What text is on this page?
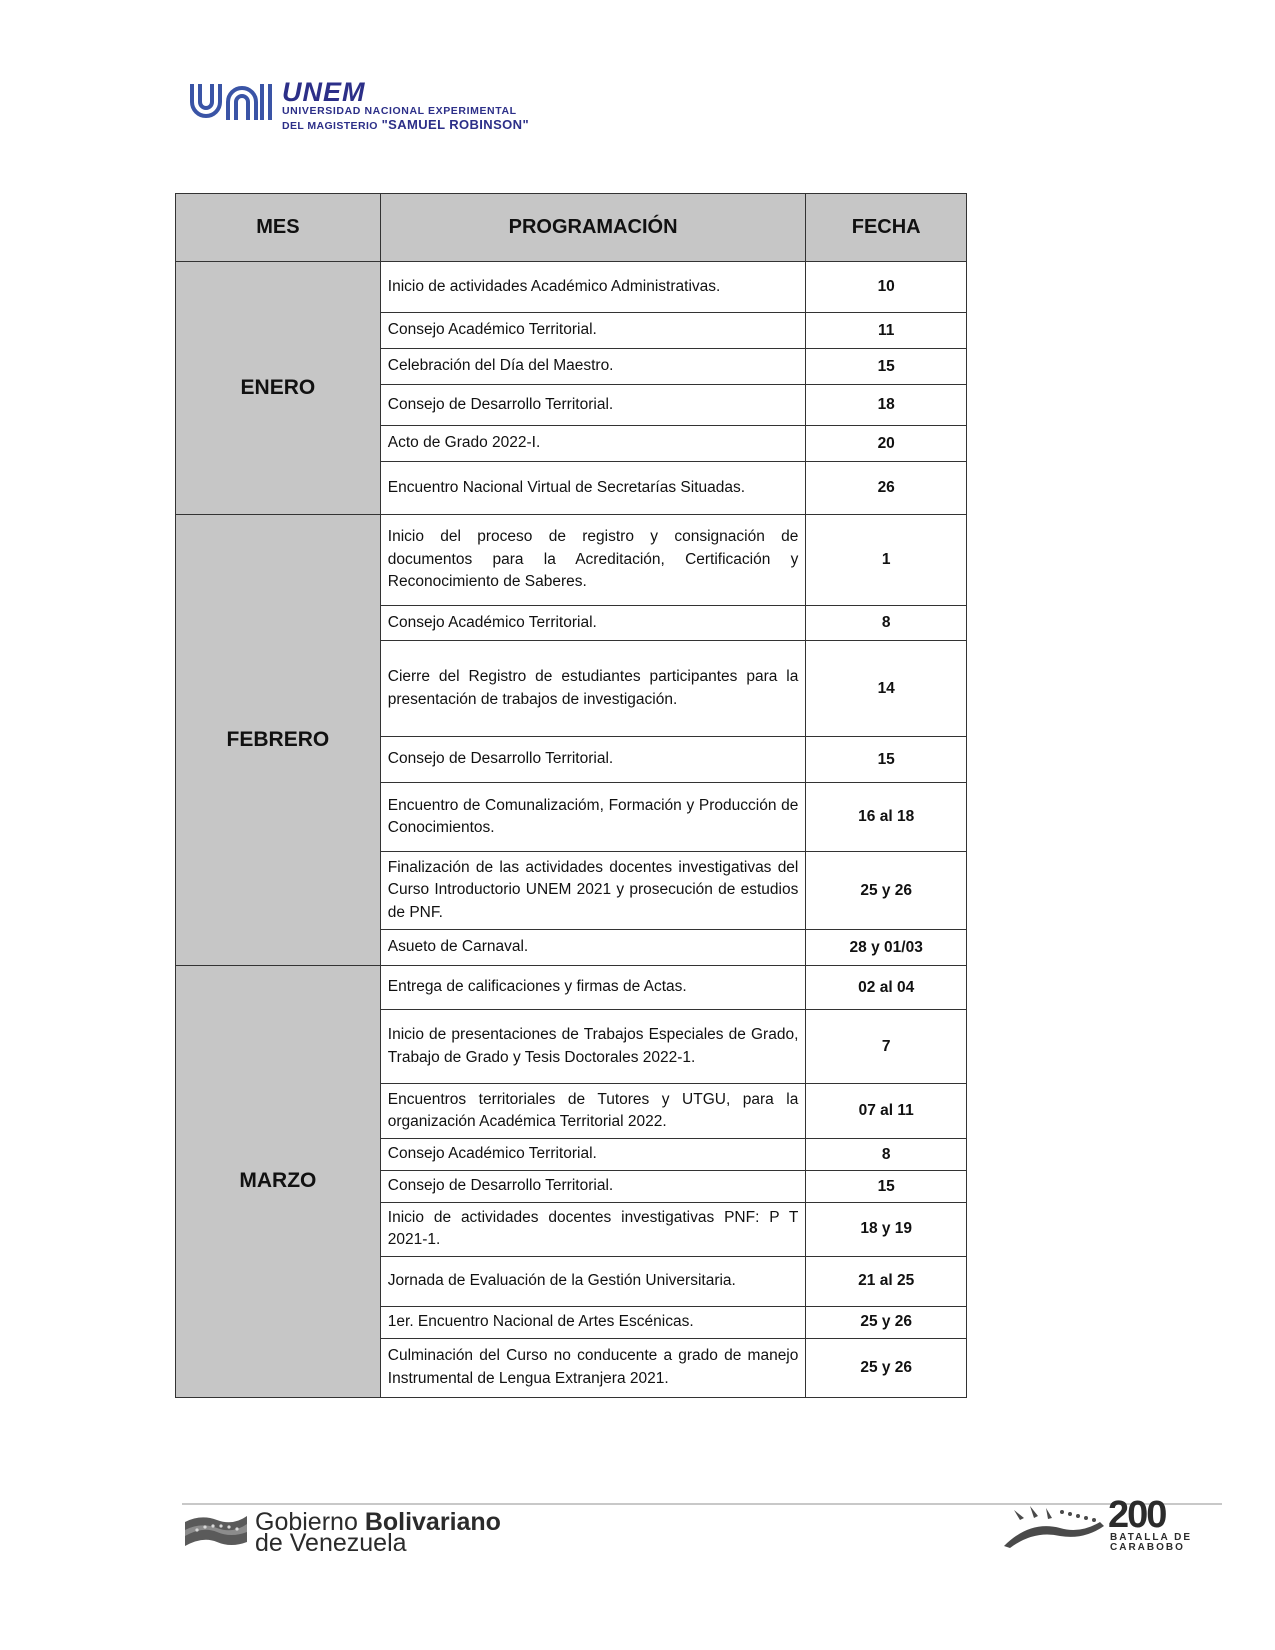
UNEM
UNIVERSIDAD NACIONAL EXPERIMENTAL
DEL MAGISTERIO "SAMUEL ROBINSON"
MES	PROGRAMACIÓN	FECHA
ENERO	Inicio de actividades Académico Administrativas.	10
	Consejo Académico Territorial.	11
	Celebración del Día del Maestro.	15
	Consejo de Desarrollo Territorial.	18
	Acto de Grado 2022-I.	20
	Encuentro Nacional Virtual de Secretarías Situadas.	26
FEBRERO	Inicio del proceso de registro y consignación de documentos para la Acreditación, Certificación y Reconocimiento de Saberes.	1
	Consejo Académico Territorial.	8
	Cierre del Registro de estudiantes participantes para la presentación de trabajos de investigación.	14
	Consejo de Desarrollo Territorial.	15
	Encuentro de Comunalizacióm, Formación y Producción de Conocimientos.	16 al 18
	Finalización de las actividades docentes investigativas del Curso Introductorio UNEM 2021 y prosecución de estudios de PNF.	25 y 26
	Asueto de Carnaval.	28 y 01/03
MARZO	Entrega de calificaciones y firmas de Actas.	02 al 04
	Inicio de presentaciones de Trabajos Especiales de Grado, Trabajo de Grado y Tesis Doctorales 2022-1.	7
	Encuentros territoriales de Tutores y UTGU, para la organización Académica Territorial 2022.	07 al 11
	Consejo Académico Territorial.	8
	Consejo de Desarrollo Territorial.	15
	Inicio de actividades docentes investigativas PNF: P T 2021-1.	18 y 19
	Jornada de Evaluación de la Gestión Universitaria.	21 al 25
	1er. Encuentro Nacional de Artes Escénicas.	25 y 26
	Culminación del Curso no conducente a grado de manejo Instrumental de Lengua Extranjera 2021.	25 y 26
Gobierno Bolivariano
de Venezuela
200
BATALLA DE
CARABOBO
